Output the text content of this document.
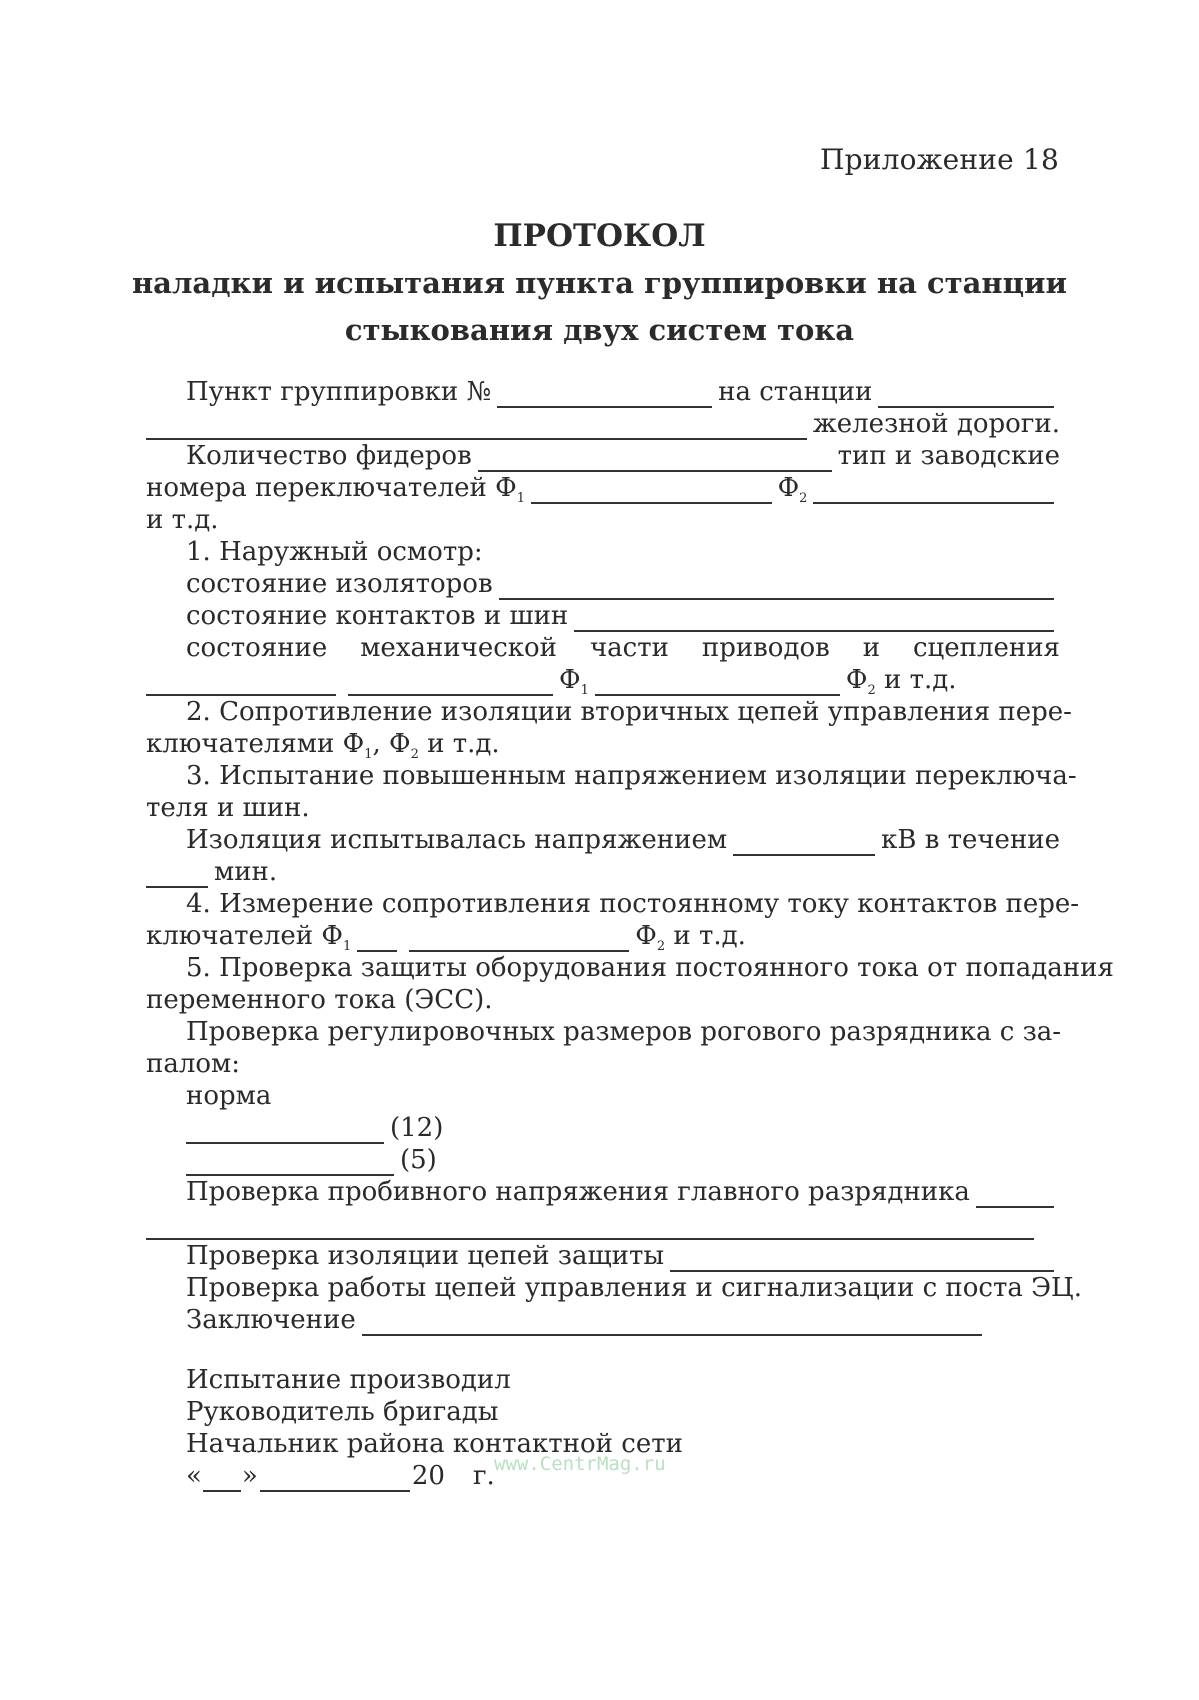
Приложение 18
ПРОТОКОЛ
наладки и испытания пункта группировки на станции
стыкования двух систем тока
Пункт группировки №	на станции
железной дороги.
Количество фидеров	тип и заводские
номера переключателей $Ф_1$	$Ф_2$
и т.д.
1. Наружный осмотр:
состояние изоляторов
состояние контактов и шин
состояние механической части приводов и сцепления
$Ф_1$	$Ф_2$ и т.д.
2. Сопротивление изоляции вторичных цепей управления пере-
ключателями $Ф_1$, $Ф_2$ и т.д.
3. Испытание повышенным напряжением изоляции переключа-
теля и шин.
Изоляция испытывалась напряжением	кВ в течение
мин.
4. Измерение сопротивления постоянному току контактов пере-
ключателей $Ф_1$	$Ф_2$ и т.д.
5. Проверка защиты оборудования постоянного тока от попадания
переменного тока (ЭСС).
Проверка регулировочных размеров рогового разрядника с за-
палом:
норма
(12)
(5)
Проверка пробивного напряжения главного разрядника
Проверка изоляции цепей защиты
Проверка работы цепей управления и сигнализации с поста ЭЦ.
Заключение
Испытание производил
Руководитель бригады
Начальник района контактной сети
« »	20 г. www.CentrMag.ru
